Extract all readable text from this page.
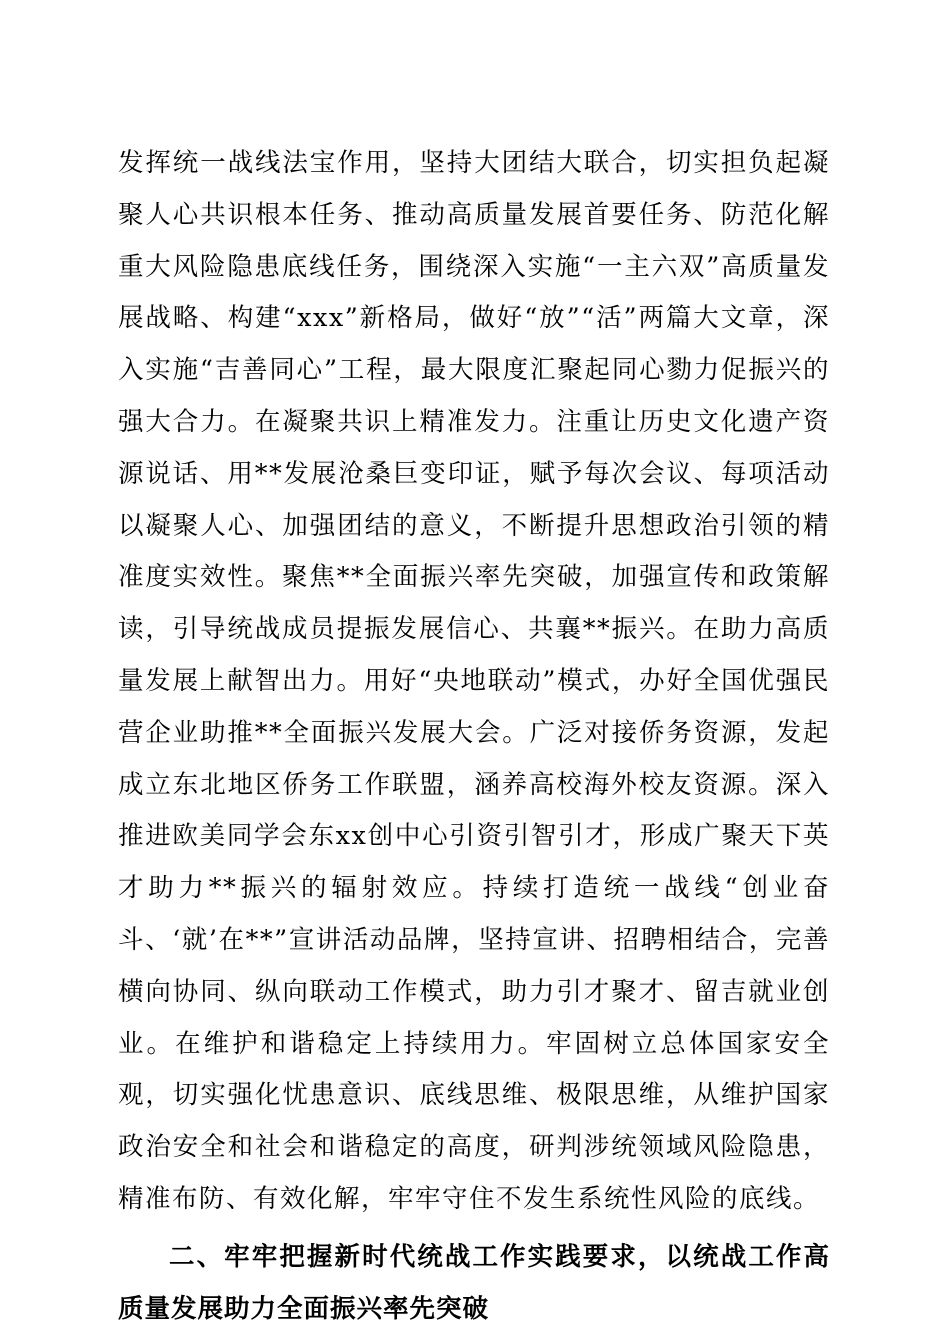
发挥统一战线法宝作用，坚持大团结大联合，切实担负起凝聚人心共识根本任务、推动高质量发展首要任务、防范化解重大风险隐患底线任务，围绕深入实施“一主六双”高质量发展战略、构建“xxx”新格局，做好“放”“活”两篇大文章，深入实施“吉善同心”工程，最大限度汇聚起同心勠力促振兴的强大合力。在凝聚共识上精准发力。注重让历史文化遗产资源说话、用**发展沧桑巨变印证，赋予每次会议、每项活动以凝聚人心、加强团结的意义，不断提升思想政治引领的精准度实效性。聚焦**全面振兴率先突破，加强宣传和政策解读，引导统战成员提振发展信心、共襄**振兴。在助力高质量发展上献智出力。用好“央地联动”模式，办好全国优强民营企业助推**全面振兴发展大会。广泛对接侨务资源，发起成立东北地区侨务工作联盟，涵养高校海外校友资源。深入推进欧美同学会东xx创中心引资引智引才，形成广聚天下英才助力**振兴的辐射效应。持续打造统一战线“创业奋斗、‘就’在**”宣讲活动品牌，坚持宣讲、招聘相结合，完善横向协同、纵向联动工作模式，助力引才聚才、留吉就业创业。在维护和谐稳定上持续用力。牢固树立总体国家安全观，切实强化忧患意识、底线思维、极限思维，从维护国家政治安全和社会和谐稳定的高度，研判涉统领域风险隐患，精准布防、有效化解，牢牢守住不发生系统性风险的底线。

二、牢牢把握新时代统战工作实践要求，以统战工作高质量发展助力全面振兴率先突破
